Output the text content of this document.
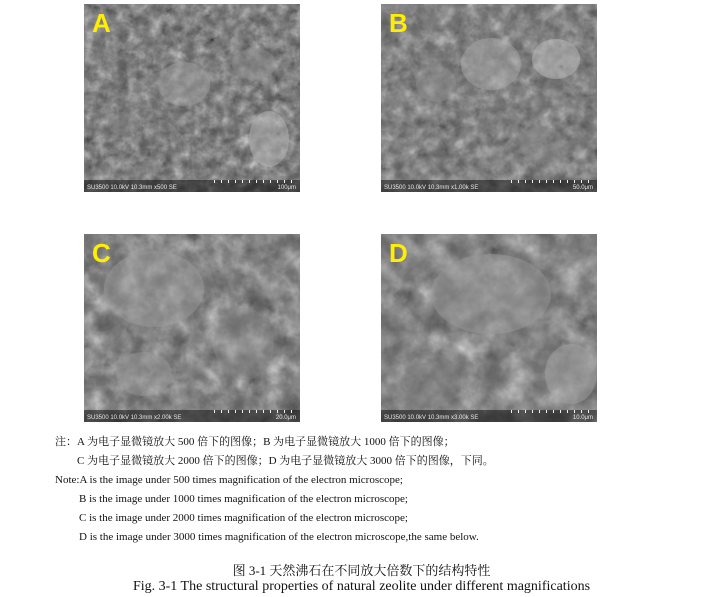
A
SU3500 10.0kV 10.3mm x500 SE	100μm
B
SU3500 10.0kV 10.3mm x1.00k SE	50.0μm
C
SU3500 10.0kV 10.3mm x2.00k SE	20.0μm
D
SU3500 10.0kV 10.3mm x3.00k SE	10.0μm
注：A 为电子显微镜放大 500 倍下的图像；B 为电子显微镜放大 1000 倍下的图像；
C 为电子显微镜放大 2000 倍下的图像；D 为电子显微镜放大 3000 倍下的图像，下同。
Note:A is the image under 500 times magnification of the electron microscope;
B is the image under 1000 times magnification of the electron microscope;
C is the image under 2000 times magnification of the electron microscope;
D is the image under 3000 times magnification of the electron microscope,the same below.
图 3-1 天然沸石在不同放大倍数下的结构特性
Fig. 3-1 The structural properties of natural zeolite under different magnifications
